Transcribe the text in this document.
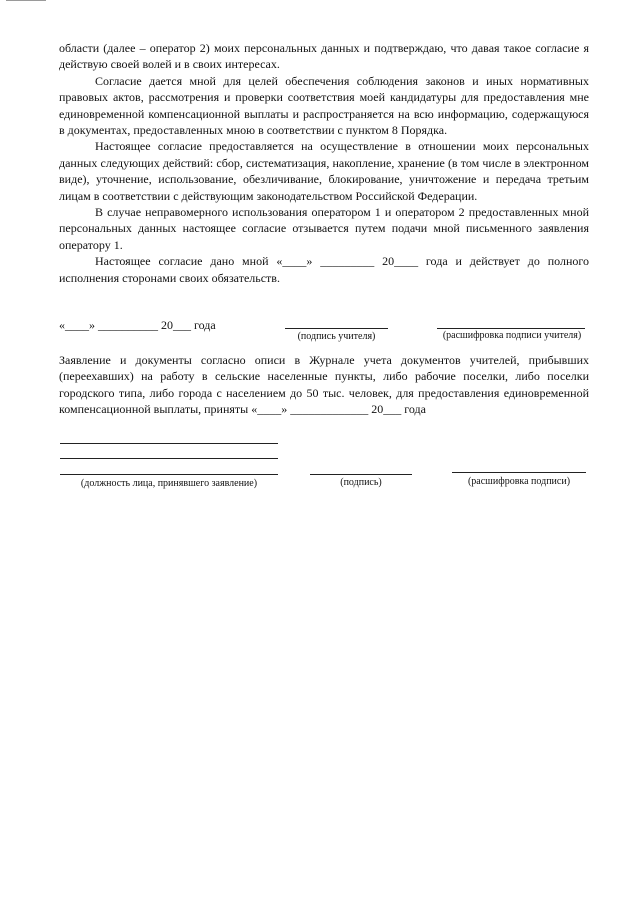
области (далее – оператор 2) моих персональных данных и подтверждаю, что давая такое согласие я действую своей волей и в своих интересах.

Согласие дается мной для целей обеспечения соблюдения законов и иных нормативных правовых актов, рассмотрения и проверки соответствия моей кандидатуры для предоставления мне единовременной компенсационной выплаты и распространяется на всю информацию, содержащуюся в документах, предоставленных мною в соответствии с пунктом 8 Порядка.

Настоящее согласие предоставляется на осуществление в отношении моих персональных данных следующих действий: сбор, систематизация, накопление, хранение (в том числе в электронном виде), уточнение, использование, обезличивание, блокирование, уничтожение и передача третьим лицам в соответствии с действующим законодательством Российской Федерации.

В случае неправомерного использования оператором 1 и оператором 2 предоставленных мной персональных данных настоящее согласие отзывается путем подачи мной письменного заявления оператору 1.

Настоящее согласие дано мной «____» _________ 20____ года и действует до полного исполнения сторонами своих обязательств.

«____» __________ 20___ года
(подпись учителя)	(расшифровка подписи учителя)

Заявление и документы согласно описи в Журнале учета документов учителей, прибывших (переехавших) на работу в сельские населенные пункты, либо рабочие поселки, либо поселки городского типа, либо города с населением до 50 тыс. человек, для предоставления единовременной компенсационной выплаты, приняты «____» _____________ 20___ года

(должность лица, принявшего заявление)	(подпись)	(расшифровка подписи)
